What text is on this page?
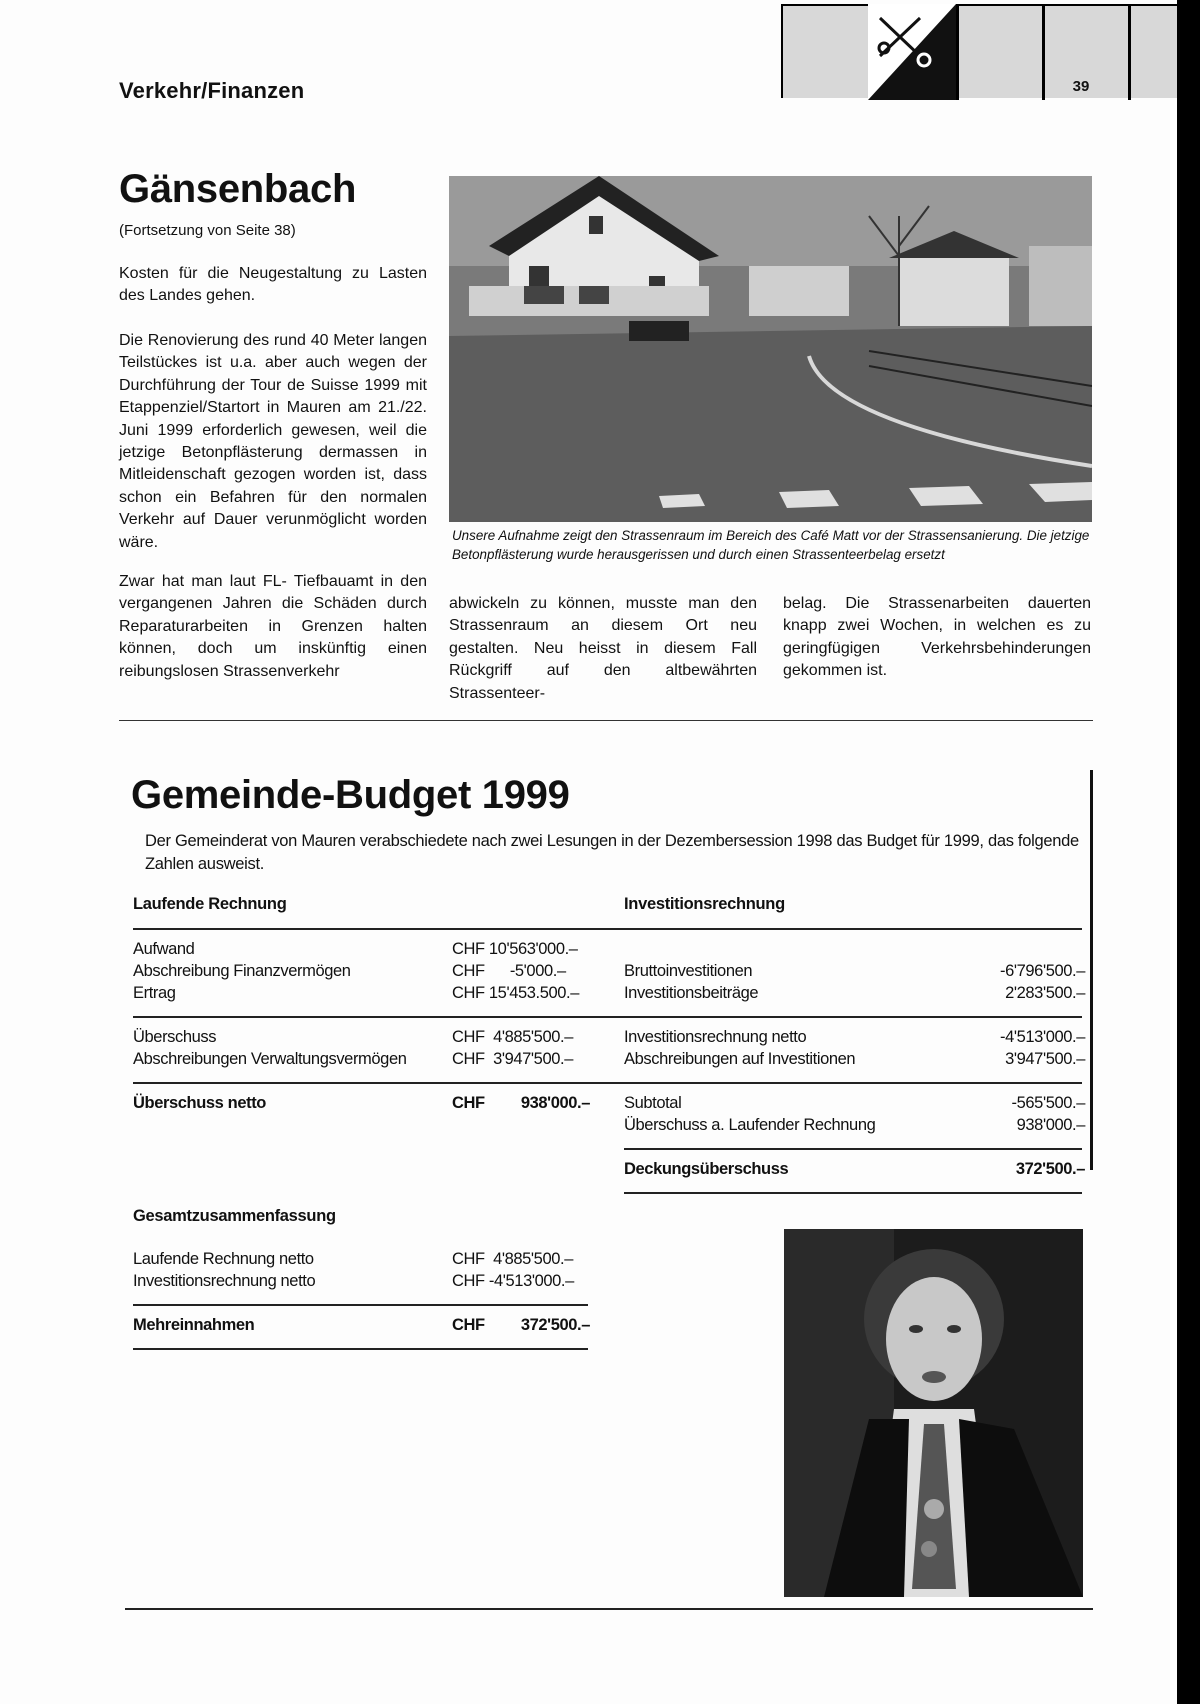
Verkehr/Finanzen	39
Gänsenbach
(Fortsetzung von Seite 38)
Kosten für die Neugestaltung zu Lasten des Landes gehen.
Die Renovierung des rund 40 Meter langen Teilstückes ist u.a. aber auch wegen der Durchführung der Tour de Suisse 1999 mit Etappenziel/Startort in Mauren am 21./22. Juni 1999 erforderlich gewesen, weil die jetzige Betonpflästerung dermassen in Mitleidenschaft gezogen worden ist, dass schon ein Befahren für den normalen Verkehr auf Dauer verunmöglicht worden wäre.
Zwar hat man laut FL- Tiefbauamt in den vergangenen Jahren die Schäden durch Reparaturarbeiten in Grenzen halten können, doch um inskünftig einen reibungslosen Strassenverkehr
Unsere Aufnahme zeigt den Strassenraum im Bereich des Café Matt vor der Strassensanierung. Die jetzige Betonpflästerung wurde herausgerissen und durch einen Strassenteerbelag ersetzt
abwickeln zu können, musste man den Strassenraum an diesem Ort neu gestalten. Neu heisst in diesem Fall Rückgriff auf den altbewährten Strassenteer-
belag. Die Strassenarbeiten dauerten knapp zwei Wochen, in welchen es zu geringfügigen Verkehrsbehinderungen gekommen ist.
Gemeinde-Budget 1999
Der Gemeinderat von Mauren verabschiedete nach zwei Lesungen in der Dezembersession 1998 das Budget für 1999, das folgende Zahlen ausweist.
Laufende Rechnung
Aufwand	CHF 10'563'000.–
Abschreibung Finanzvermögen	CHF      -5'000.–
Ertrag	CHF 15'453.500.–
Überschuss	CHF  4'885'500.–
Abschreibungen Verwaltungsvermögen	CHF  3'947'500.–
Überschuss netto	CHF	938'000.–
Investitionsrechnung
Bruttoinvestitionen	-6'796'500.–
Investitionsbeiträge	2'283'500.–
Investitionsrechnung netto	-4'513'000.–
Abschreibungen auf Investitionen	3'947'500.–
Subtotal	-565'500.–
Überschuss a. Laufender Rechnung	938'000.–
Deckungsüberschuss	372'500.–
Gesamtzusammenfassung
Laufende Rechnung netto	CHF  4'885'500.–
Investitionsrechnung netto	CHF -4'513'000.–
Mehreinnahmen	CHF	372'500.–
